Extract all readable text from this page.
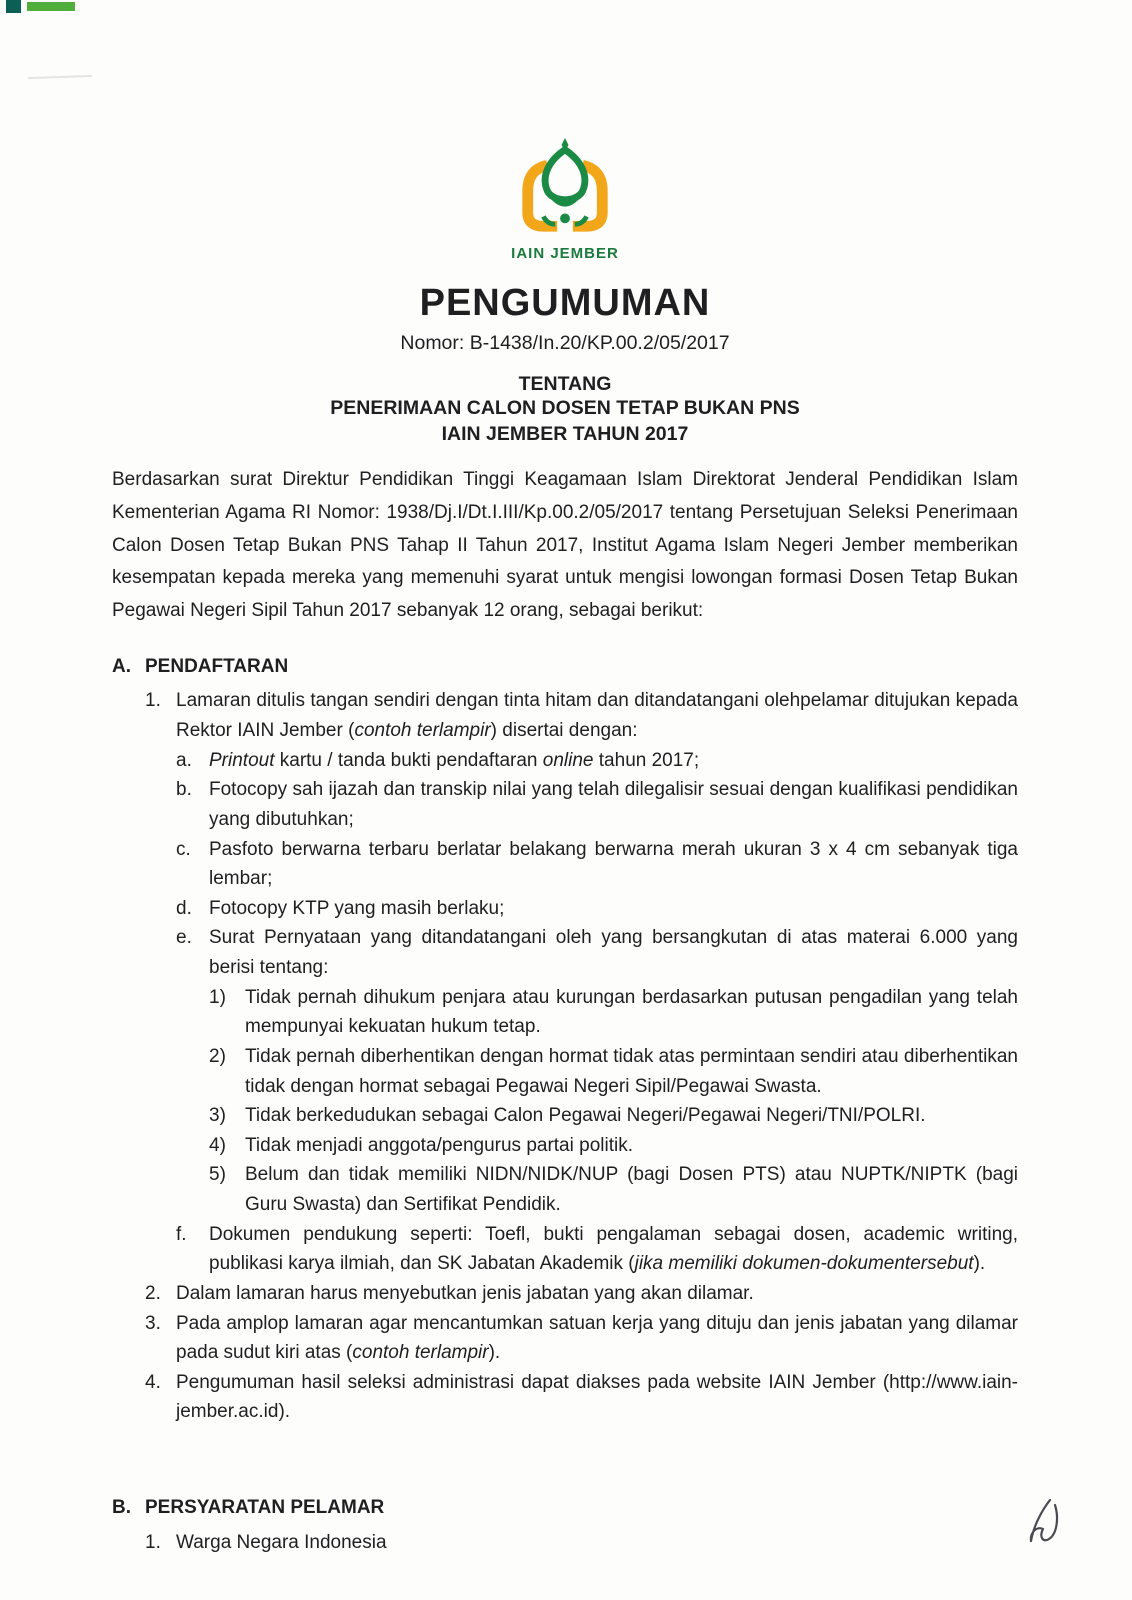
IAIN JEMBER
PENGUMUMAN
Nomor: B-1438/In.20/KP.00.2/05/2017
TENTANG
PENERIMAAN CALON DOSEN TETAP BUKAN PNS
IAIN JEMBER TAHUN 2017

Berdasarkan surat Direktur Pendidikan Tinggi Keagamaan Islam Direktorat Jenderal Pendidikan Islam Kementerian Agama RI Nomor: 1938/Dj.I/Dt.I.III/Kp.00.2/05/2017 tentang Persetujuan Seleksi Penerimaan Calon Dosen Tetap Bukan PNS Tahap II Tahun 2017, Institut Agama Islam Negeri Jember memberikan kesempatan kepada mereka yang memenuhi syarat untuk mengisi lowongan formasi Dosen Tetap Bukan Pegawai Negeri Sipil Tahun 2017 sebanyak 12 orang, sebagai berikut:

A. PENDAFTARAN
1. Lamaran ditulis tangan sendiri dengan tinta hitam dan ditandatangani olehpelamar ditujukan kepada Rektor IAIN Jember (contoh terlampir) disertai dengan:

a. Printout kartu / tanda bukti pendaftaran online tahun 2017;
b. Fotocopy sah ijazah dan transkip nilai yang telah dilegalisir sesuai dengan kualifikasi pendidikan yang dibutuhkan;
c. Pasfoto berwarna terbaru berlatar belakang berwarna merah ukuran 3 x 4 cm sebanyak tiga lembar;
d. Fotocopy KTP yang masih berlaku;
e. Surat Pernyataan yang ditandatangani oleh yang bersangkutan di atas materai 6.000 yang berisi tentang:

1)	Tidak pernah dihukum penjara atau kurungan berdasarkan putusan pengadilan yang telah mempunyai kekuatan hukum tetap.
2)	Tidak pernah diberhentikan dengan hormat tidak atas permintaan sendiri atau diberhentikan tidak dengan hormat sebagai Pegawai Negeri Sipil/Pegawai Swasta.
3)	Tidak berkedudukan sebagai Calon Pegawai Negeri/Pegawai Negeri/TNI/POLRI.
4)	Tidak menjadi anggota/pengurus partai politik.
5)	Belum dan tidak memiliki NIDN/NIDK/NUP (bagi Dosen PTS) atau NUPTK/NIPTK (bagi Guru Swasta) dan Sertifikat Pendidik.
f.	Dokumen pendukung seperti: Toefl, bukti pengalaman sebagai dosen, academic writing, publikasi karya ilmiah, dan SK Jabatan Akademik (jika memiliki dokumen-dokumentersebut).
2. Dalam lamaran harus menyebutkan jenis jabatan yang akan dilamar.
3. Pada amplop lamaran agar mencantumkan satuan kerja yang dituju dan jenis jabatan yang dilamar pada sudut kiri atas (contoh terlampir).
4. Pengumuman hasil seleksi administrasi dapat diakses pada website IAIN Jember (http://www.iain-jember.ac.id).
B. PERSYARATAN PELAMAR
1. Warga Negara Indonesia
